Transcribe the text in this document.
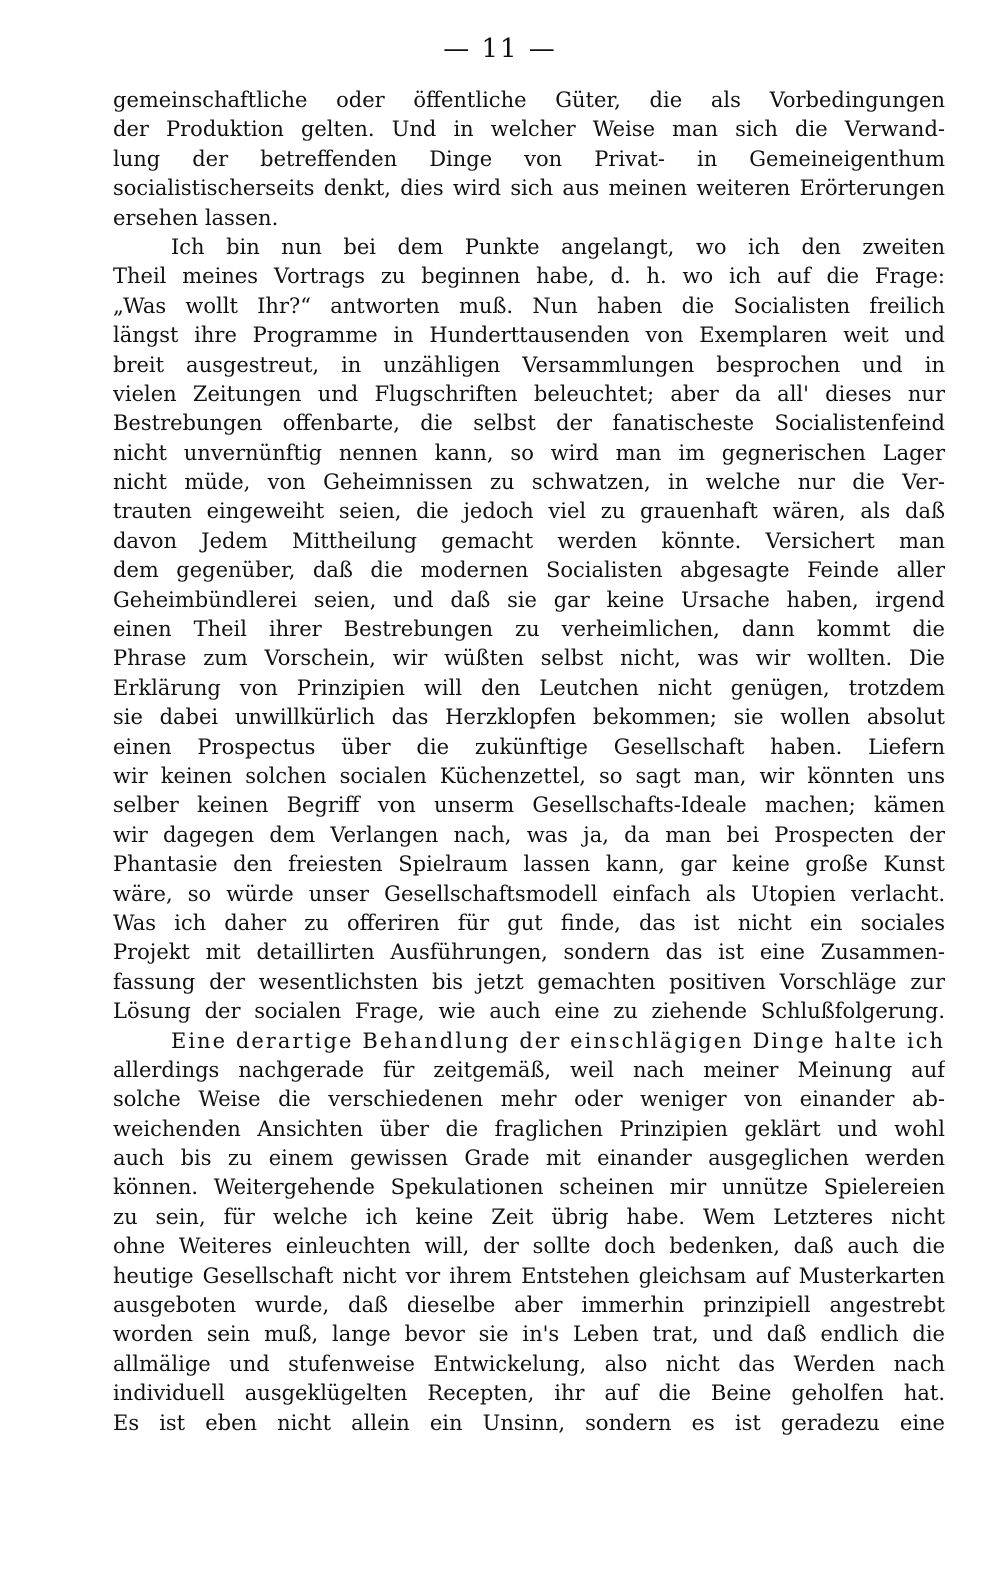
— 11 —
gemeinschaftliche oder öffentliche Güter, die als Vorbedingungen
der Produktion gelten. Und in welcher Weise man sich die Verwand-
lung der betreffenden Dinge von Privat- in Gemeineigenthum
socialistischerseits denkt, dies wird sich aus meinen weiteren Erörterungen
ersehen lassen.
Ich bin nun bei dem Punkte angelangt, wo ich den zweiten
Theil meines Vortrags zu beginnen habe, d. h. wo ich auf die Frage:
„Was wollt Ihr?“ antworten muß. Nun haben die Socialisten freilich
längst ihre Programme in Hunderttausenden von Exemplaren weit und
breit ausgestreut, in unzähligen Versammlungen besprochen und in
vielen Zeitungen und Flugschriften beleuchtet; aber da all' dieses nur
Bestrebungen offenbarte, die selbst der fanatischeste Socialistenfeind
nicht unvernünftig nennen kann, so wird man im gegnerischen Lager
nicht müde, von Geheimnissen zu schwatzen, in welche nur die Ver-
trauten eingeweiht seien, die jedoch viel zu grauenhaft wären, als daß
davon Jedem Mittheilung gemacht werden könnte. Versichert man
dem gegenüber, daß die modernen Socialisten abgesagte Feinde aller
Geheimbündlerei seien, und daß sie gar keine Ursache haben, irgend
einen Theil ihrer Bestrebungen zu verheimlichen, dann kommt die
Phrase zum Vorschein, wir wüßten selbst nicht, was wir wollten. Die
Erklärung von Prinzipien will den Leutchen nicht genügen, trotzdem
sie dabei unwillkürlich das Herzklopfen bekommen; sie wollen absolut
einen Prospectus über die zukünftige Gesellschaft haben. Liefern
wir keinen solchen socialen Küchenzettel, so sagt man, wir könnten uns
selber keinen Begriff von unserm Gesellschafts-Ideale machen; kämen
wir dagegen dem Verlangen nach, was ja, da man bei Prospecten der
Phantasie den freiesten Spielraum lassen kann, gar keine große Kunst
wäre, so würde unser Gesellschaftsmodell einfach als Utopien verlacht.
Was ich daher zu offeriren für gut finde, das ist nicht ein sociales
Projekt mit detaillirten Ausführungen, sondern das ist eine Zusammen-
fassung der wesentlichsten bis jetzt gemachten positiven Vorschläge zur
Lösung der socialen Frage, wie auch eine zu ziehende Schlußfolgerung.
Eine derartige Behandlung der einschlägigen Dinge halte ich
allerdings nachgerade für zeitgemäß, weil nach meiner Meinung auf
solche Weise die verschiedenen mehr oder weniger von einander ab-
weichenden Ansichten über die fraglichen Prinzipien geklärt und wohl
auch bis zu einem gewissen Grade mit einander ausgeglichen werden
können. Weitergehende Spekulationen scheinen mir unnütze Spielereien
zu sein, für welche ich keine Zeit übrig habe. Wem Letzteres nicht
ohne Weiteres einleuchten will, der sollte doch bedenken, daß auch die
heutige Gesellschaft nicht vor ihrem Entstehen gleichsam auf Musterkarten
ausgeboten wurde, daß dieselbe aber immerhin prinzipiell angestrebt
worden sein muß, lange bevor sie in's Leben trat, und daß endlich die
allmälige und stufenweise Entwickelung, also nicht das Werden nach
individuell ausgeklügelten Recepten, ihr auf die Beine geholfen hat.
Es ist eben nicht allein ein Unsinn, sondern es ist geradezu eine
